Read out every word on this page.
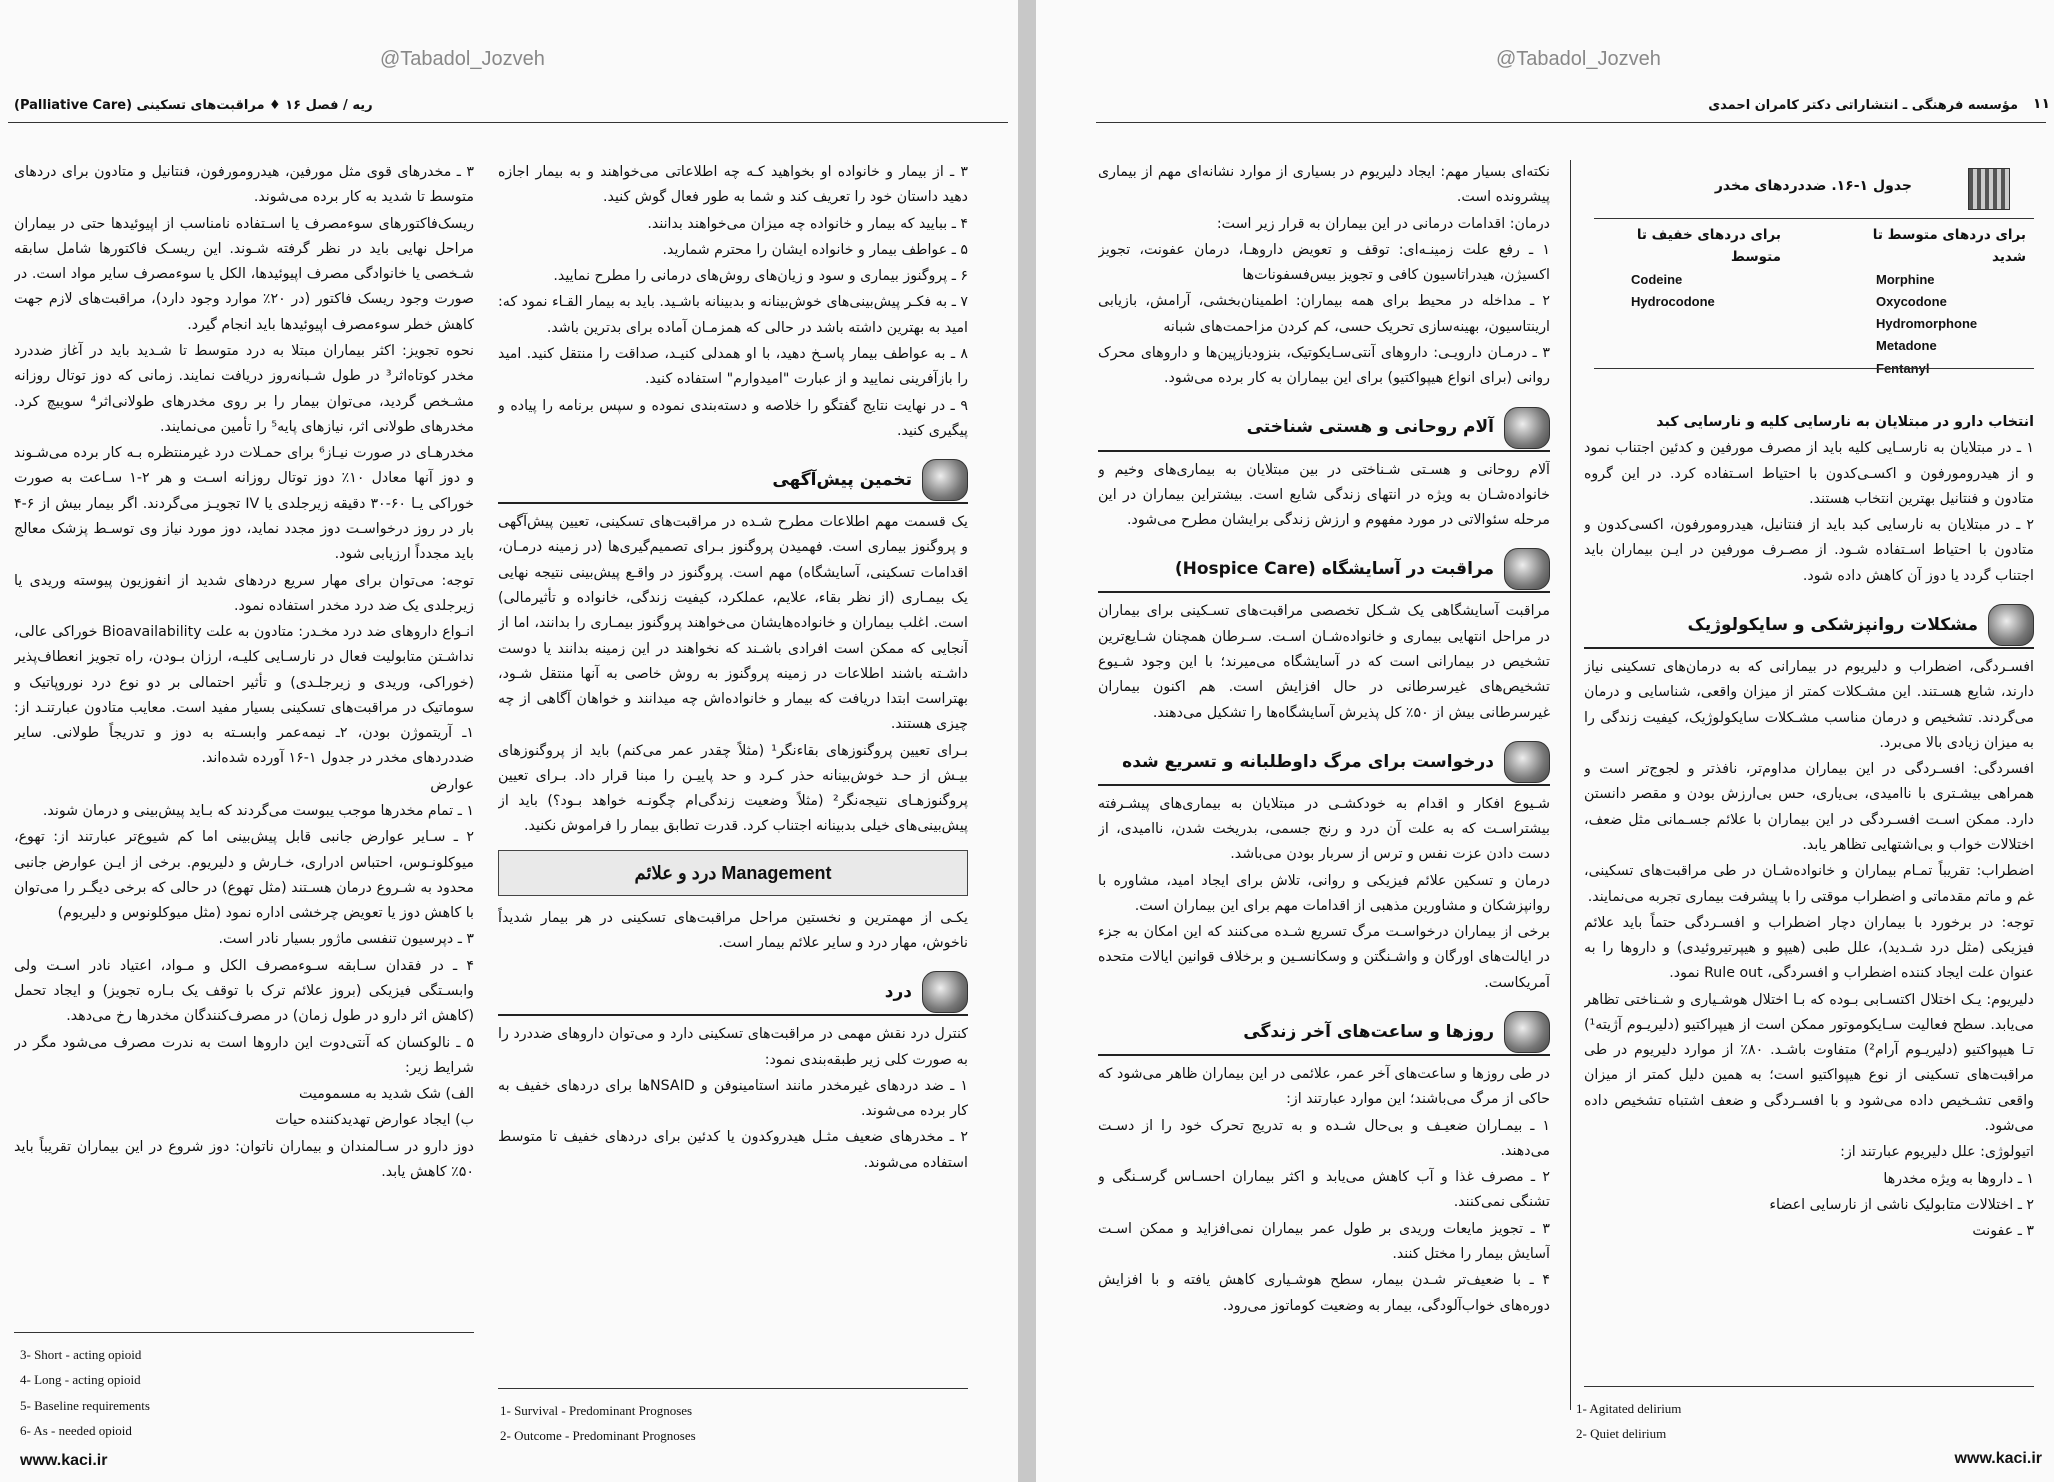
@Tabadol_Jozveh
ریه / فصل ۱۶ ♦ مراقبت‌های تسکینی (Palliative Care)

۳ ـ از بیمار و خانواده او بخواهید کـه چه اطلاعاتی می‌خواهند و به بیمار اجازه دهید داستان خود را تعریف کند و شما به طور فعال گوش کنید.

۴ ـ ببایید که بیمار و خانواده چه میزان می‌خواهند بدانند.

۵ ـ عواطف بیمار و خانواده ایشان را محترم شمارید.

۶ ـ پروگنوز بیماری و سود و زیان‌های روش‌های درمانی را مطرح نمایید.

۷ ـ به فکـر پیش‌بینی‌های خوش‌بینانه و بدبینانه باشـید. باید به بیمار القـاء نمود که: امید به بهترین داشته باشد در حالی که همزمـان آماده برای بدترین باشد.

۸ ـ به عواطف بیمار پاسـخ دهید، با او همدلی کنیـد، صداقت را منتقل کنید. امید را بازآفرینی نمایید و از عبارت "امیدوارم" استفاده کنید.

۹ ـ در نهایت نتایج گفتگو را خلاصه و دسته‌بندی نموده و سپس برنامه را پیاده و پیگیری کنید.

تخمین پیش‌آگهی

یک قسمت مهم اطلاعات مطرح شـده در مراقبت‌های تسکینی، تعیین پیش‌آگهی و پروگنوز بیماری است. فهمیدن پروگنوز بـرای تصمیم‌گیری‌ها (در زمینه درمـان، اقدامات تسکینی، آسایشگاه) مهم است. پروگنوز در واقـع پیش‌بینی نتیجه نهایی یک بیمـاری (از نظر بقاء، علایم، عملکرد، کیفیت زندگی، خانواده و تأثیرمالی) است. اغلب بیماران و خانواده‌هایشان می‌خواهند پروگنوز بیمـاری را بدانند، اما از آنجایی که ممکن است افرادی باشـند که نخواهند در این زمینه بدانند یا دوست داشـته باشند اطلاعات در زمینه پروگنوز به روش خاصی به آنها منتقل شـود، بهتراست ابتدا دریافت که بیمار و خانواده‌اش چه میدانند و خواهان آگاهی از چه چیزی هستند.

بـرای تعیین پروگنوزهای بقاء‌نگر¹ (مثلاً چقدر عمر می‌کنم) باید از پروگنوزهای بیـش از حـد خوش‌بینانه حذر کـرد و حد پاییـن را مبنا قرار داد. بـرای تعیین پروگنوزهـای نتیجه‌نگر² (مثلاً وضعیت زندگی‌ام چگونـه خواهد بـود؟) باید از پیش‌بینی‌های خیلی بدبینانه اجتناب کرد. قدرت تطابق بیمار را فراموش نکنید.

Management درد و علائم

یکـی از مهمترین و نخستین مراحل مراقبت‌های تسکینی در هر بیمار شدیداً ناخوش، مهار درد و سایر علائم بیمار است.

درد

کنترل درد نقش مهمی در مراقبت‌های تسکینی دارد و می‌توان داروهای ضددرد را به صورت کلی زیر طبقه‌بندی نمود:

۱ ـ ضد دردهای غیرمخدر مانند استامینوفن و NSAIDها برای دردهای خفیف به کار برده می‌شوند.

۲ ـ مخدرهای ضعیف مثـل هیدروکدون یا کدئین برای دردهای خفیف تا متوسط استفاده می‌شوند.

1- Survival - Predominant Prognoses
2- Outcome - Predominant Prognoses

۳ ـ مخدرهای قوی مثل مورفین، هیدرومورفون، فنتانیل و متادون برای دردهای متوسط تا شدید به کار برده می‌شوند.

ریسک‌فاکتورهای سوءمصرف یا اسـتفاده نامناسب از اپیوئیدها حتی در بیماران مراحل نهایی باید در نظر گرفته شـوند. این ریسـک فاکتورها شامل سابقه شـخصی یا خانوادگی مصرف اپیوئیدها، الکل یا سوءمصرف سایر مواد است. در صورت وجود ریسک فاکتور (در ۲۰٪ موارد وجود دارد)، مراقبت‌های لازم جهت کاهش خطر سوءمصرف اپیوئیدها باید انجام گیرد.

نحوه تجویز: اکثر بیماران مبتلا به درد متوسط تا شـدید باید در آغاز ضددرد مخدر کوتاه‌اثر³ در طول شـبانه‌روز دریافت نمایند. زمانی که دوز توتال روزانه مشـخص گردید، می‌توان بیمار را بر روی مخدرهای طولانی‌اثر⁴ سوییچ کرد. مخدرهای طولانی اثر، نیازهای پایه⁵ را تأمین می‌نمایند.

مخدرهـای در صورت نیـاز⁶ برای حمـلات درد غیرمنتظره بـه کار برده می‌شـوند و دوز آنها معادل ۱۰٪ دوز توتال روزانه اسـت و هر ۲-۱ سـاعت به صورت خوراکی یـا ۶۰-۳۰ دقیقه زیرجلدی یا IV تجویـز می‌گردند. اگر بیمار بیش از ۶-۴ بار در روز درخواسـت دوز مجدد نماید، دوز مورد نیاز وی توسـط پزشک معالج باید مجدداً ارزیابی شود.

توجه: می‌توان برای مهار سریع دردهای شدید از انفوزیون پیوسته وریدی یا زیرجلدی یک ضد درد مخدر استفاده نمود.

انـواع داروهای ضد درد مخـدر: متادون به علت Bioavailability خوراکی عالی، نداشـتن متابولیت فعال در نارسـایی کلیـه، ارزان بـودن، راه تجویز انعطاف‌پذیر (خوراکی، وریدی و زیرجلـدی) و تأثیر احتمالی بر دو نوع درد نوروپاتیک و سوماتیک در مراقبت‌های تسکینی بسیار مفید است. معایب متادون عبارتنـد از: ۱ـ آریتموژن بودن، ۲ـ نیمه‌عمر وابسـته به دوز و تدریجاً طولانی. سایر ضددردهای مخدر در جدول ۱-۱۶ آورده شده‌اند.

عوارض

۱ ـ تمام مخدرها موجب یبوست می‌گردند که بـاید پیش‌بینی و درمان شوند.

۲ ـ سـایر عوارض جانبی قابل پیش‌بینی اما کم شیوع‌تر عبارتند از: تهوع، میوکلونـوس، احتباس ادراری، خـارش و دلیریوم. برخی از ایـن عوارض جانبی محدود به شـروع درمان هسـتند (مثل تهوع) در حالی که برخی دیگـر را می‌توان با کاهش دوز یا تعویض چرخشی اداره نمود (مثل میوکلونوس و دلیریوم)

۳ ـ دپرسیون تنفسی ماژور بسیار نادر است.

۴ ـ در فقدان سـابقه سـوءمصرف الکل و مـواد، اعتیاد نادر اسـت ولی وابسـتگی فیزیکی (بروز علائم ترک با توقف یک بـاره تجویز) و ایجاد تحمل (کاهش اثر دارو در طول زمان) در مصرف‌کنندگان مخدرها رخ می‌دهد.

۵ ـ نالوکسان که آنتی‌دوت این داروها است به ندرت مصرف می‌شود مگر در شرایط زیر:

الف) شک شدید به مسمومیت

ب) ایجاد عوارض تهدیدکننده حیات

دوز دارو در سـالمندان و بیماران ناتوان: دوز شروع در این بیماران تقریباً باید ۵۰٪ کاهش یابد.

3- Short - acting opioid
4- Long - acting opioid
5- Baseline requirements
6- As - needed opioid
www.kaci.ir
@Tabadol_Jozveh
مؤسسه فرهنگی ـ انتشاراتی دکتر کامران احمدی ۱۱
جدول ۱-۱۶. ضددردهای مخدر
برای دردهای متوسط تا شدید
برای دردهای خفیف تا متوسط
Morphine
Codeine
Oxycodone
Hydrocodone
Hydromorphone
Metadone
Fentanyl

انتخاب دارو در مبتلایان به نارسایی کلیه و نارسایی کبد

۱ ـ در مبتلایان به نارسـایی کلیه باید از مصرف مورفین و کدئین اجتناب نمود و از هیدرومورفون و اکسـی‌کدون با احتیاط اسـتفاده کرد. در این گروه متادون و فنتانیل بهترین انتخاب هستند.

۲ ـ در مبتلایان به نارسایی کبد باید از فنتانیل، هیدرومورفون، اکسی‌کدون و متادون با احتیاط اسـتفاده شـود. از مصـرف مورفین در ایـن بیماران باید اجتناب گردد یا دوز آن کاهش داده شود.

مشکلات روانپزشکی و سایکولوژیک

افسـردگی، اضطراب و دلیریوم در بیمارانی که به درمان‌های تسکینی نیاز دارند، شایع هسـتند. این مشـکلات کمتر از میزان واقعی، شناسایی و درمان می‌گردند. تشخیص و درمان مناسب مشـکلات سایکولوژیک، کیفیت زندگی را به میزان زیادی بالا می‌برد.

افسردگی: افسـردگی در این بیماران مداوم‌تر، نافذتر و لجوج‌تر است و همراهی بیشـتری با ناامیدی، بی‌یاری، حس بی‌ارزش بودن و مقصر دانستن دارد. ممکن اسـت افسـردگی در این بیماران با علائم جسـمانی مثل ضعف، اختلالات خواب و بی‌اشتهایی تظاهر یابد.

اضطراب: تقریباً تمـام بیماران و خانواده‌شـان در طی مراقبت‌های تسکینی، غم و ماتم مقدماتی و اضطراب موقتی را با پیشرفت بیماری تجربه می‌نمایند.

توجه: در برخورد با بیماران دچار اضطراب و افسـردگی حتماً باید علائم فیزیکی (مثل درد شـدید)، علل طبی (هیپو و هیپرتیروئیدی) و داروها را به عنوان علت ایجاد کننده اضطراب و افسردگی، Rule out نمود.

دلیریوم: یـک اختلال اکتسـابی بـوده که بـا اختلال هوشـیاری و شـناختی تظاهر می‌یابد. سطح فعالیت سـایکوموتور ممکن است از هیپراکتیو (دلیریـوم آژیته¹) تـا هیپواکتیو (دلیریـوم آرام²) متفاوت باشـد. ۸۰٪ از موارد دلیریوم در طی مراقبت‌های تسکینی از نوع هیپواکتیو است؛ به همین دلیل کمتر از میزان واقعی تشـخیص داده می‌شود و با افسـردگی و ضعف اشتباه تشخیص داده می‌شود.

اتیولوژی: علل دلیریوم عبارتند از:

۱ ـ داروها به ویژه مخدرها

۲ ـ اختلالات متابولیک ناشی از نارسایی اعضاء

۳ ـ عفونت

1- Agitated delirium
2- Quiet delirium
www.kaci.ir

نکته‌ای بسیار مهم: ایجاد دلیریوم در بسیاری از موارد نشانه‌ای مهم از بیماری پیشرونده است.

درمان: اقدامات درمانی در این بیماران به قرار زیر است:

۱ ـ رفع علت زمینـه‌ای: توقف و تعویض داروهـا، درمان عفونت، تجویز اکسیژن، هیدراتاسیون کافی و تجویز بیس‌فسفونات‌ها

۲ ـ مداخله در محیط برای همه بیماران: اطمینان‌بخشی، آرامش، بازیابی ارینتاسیون، بهینه‌سازی تحریک حسی، کم کردن مزاحمت‌های شبانه

۳ ـ درمـان دارویـی: داروهای آنتی‌سـایکوتیک، بنزودیازپین‌ها و داروهای محرک روانی (برای انواع هیپواکتیو) برای این بیماران به کار برده می‌شود.

آلام روحانی و هستی شناختی

آلام روحانی و هسـتی شـناختی در بین مبتلایان به بیماری‌های وخیم و خانواده‌شـان به ویژه در انتهای زندگی شایع است. بیشتراین بیماران در این مرحله سئوالاتی در مورد مفهوم و ارزش زندگی برایشان مطرح می‌شود.

مراقبت در آسایشگاه (Hospice Care)

مراقبت آسایشگاهی یک شـکل تخصصی مراقبت‌های تسـکینی برای بیماران در مراحل انتهایی بیماری و خانواده‌شـان اسـت. سـرطان همچنان شـایع‌ترین تشخیص در بیمارانی است که در آسایشگاه می‌میرند؛ با این وجود شـیوع تشخیص‌های غیرسرطانی در حال افزایش است. هم اکنون بیماران غیرسرطانی بیش از ۵۰٪ کل پذیرش آسایشگاه‌ها را تشکیل می‌دهند.

درخواست برای مرگ داوطلبانه و تسریع شده

شـیوع افکار و اقدام به خودکشـی در مبتلایان به بیماری‌های پیشـرفته بیشتراسـت که به علت آن درد و رنج جسمی، بدریخت شدن، ناامیدی، از دست دادن عزت نفس و ترس از سربار بودن می‌باشد.

درمان و تسکین علائم فیزیکی و روانی، تلاش برای ایجاد امید، مشاوره با روانپزشکان و مشاورین مذهبی از اقدامات مهم برای این بیماران است.

برخی از بیماران درخواسـت مرگ تسریع شـده می‌کنند که این امکان به جزء در ایالت‌های اورگان و واشـنگتن و وسکانسـین و برخلاف قوانین ایالات متحده آمریکاست.

روزها و ساعت‌های آخر زندگی

در طی روزها و ساعت‌های آخر عمر، علائمی در این بیماران ظاهر می‌شود که حاکی از مرگ می‌باشند؛ این موارد عبارتند از:

۱ ـ بیمـاران ضعیـف و بی‌حال شـده و به تدریج تحرک خود را از دسـت می‌دهند.

۲ ـ مصرف غذا و آب کاهش می‌یابد و اکثر بیماران احسـاس گرسـنگی و تشنگی نمی‌کنند.

۳ ـ تجویز مایعات وریدی بر طول عمر بیماران نمی‌افزاید و ممکن اسـت آسایش بیمار را مختل کنند.

۴ ـ با ضعیف‌تر شـدن بیمار، سطح هوشـیاری کاهش یافته و با افزایش دوره‌های خواب‌آلودگی، بیمار به وضعیت کوماتوز می‌رود.
